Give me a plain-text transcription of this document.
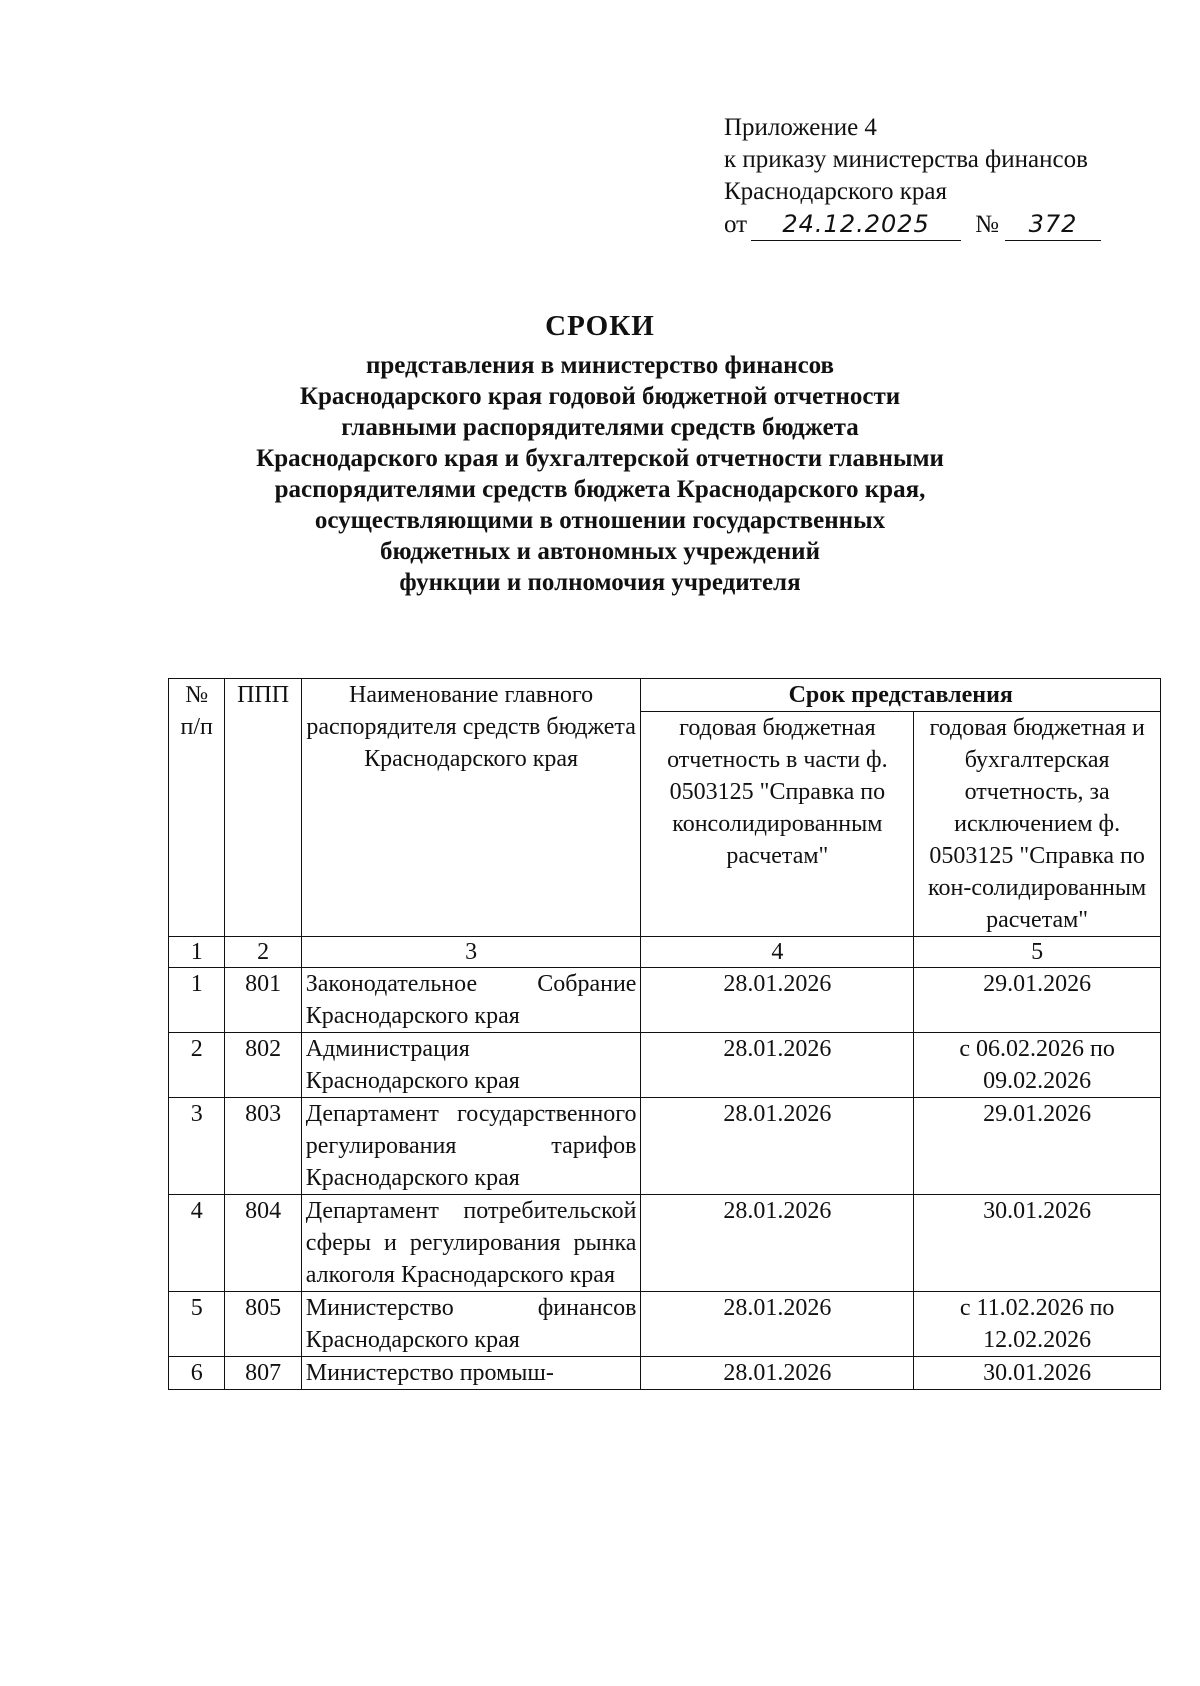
Приложение 4
к приказу министерства финансов
Краснодарского края
от 24.12.2025 № 372
СРОКИ
представления в министерство финансов
Краснодарского края годовой бюджетной отчетности
главными распорядителями средств бюджета
Краснодарского края и бухгалтерской отчетности главными
распорядителями средств бюджета Краснодарского края,
осуществляющими в отношении государственных
бюджетных и автономных учреждений
функции и полномочия учредителя
№ п/п	ППП	Наименование главного распорядителя средств бюджета Краснодарского края	Срок представления	
			годовая бюджетная отчетность в части ф. 0503125 "Справка по консолидированным расчетам"	годовая бюджетная и бухгалтерская отчетность, за исключением ф. 0503125 "Справка по кон-солидированным расчетам"
1	2	3	4	5
1	801	Законодательное Собрание Краснодарского края	28.01.2026	29.01.2026
2	802	Администрация Краснодарского края	28.01.2026	с 06.02.2026 по 09.02.2026
3	803	Департамент государственного регулирования тарифов Краснодарского края	28.01.2026	29.01.2026
4	804	Департамент потребительской сферы и регулирования рынка алкоголя Краснодарского края	28.01.2026	30.01.2026
5	805	Министерство финансов Краснодарского края	28.01.2026	с 11.02.2026 по 12.02.2026
6	807	Министерство промыш-	28.01.2026	30.01.2026
